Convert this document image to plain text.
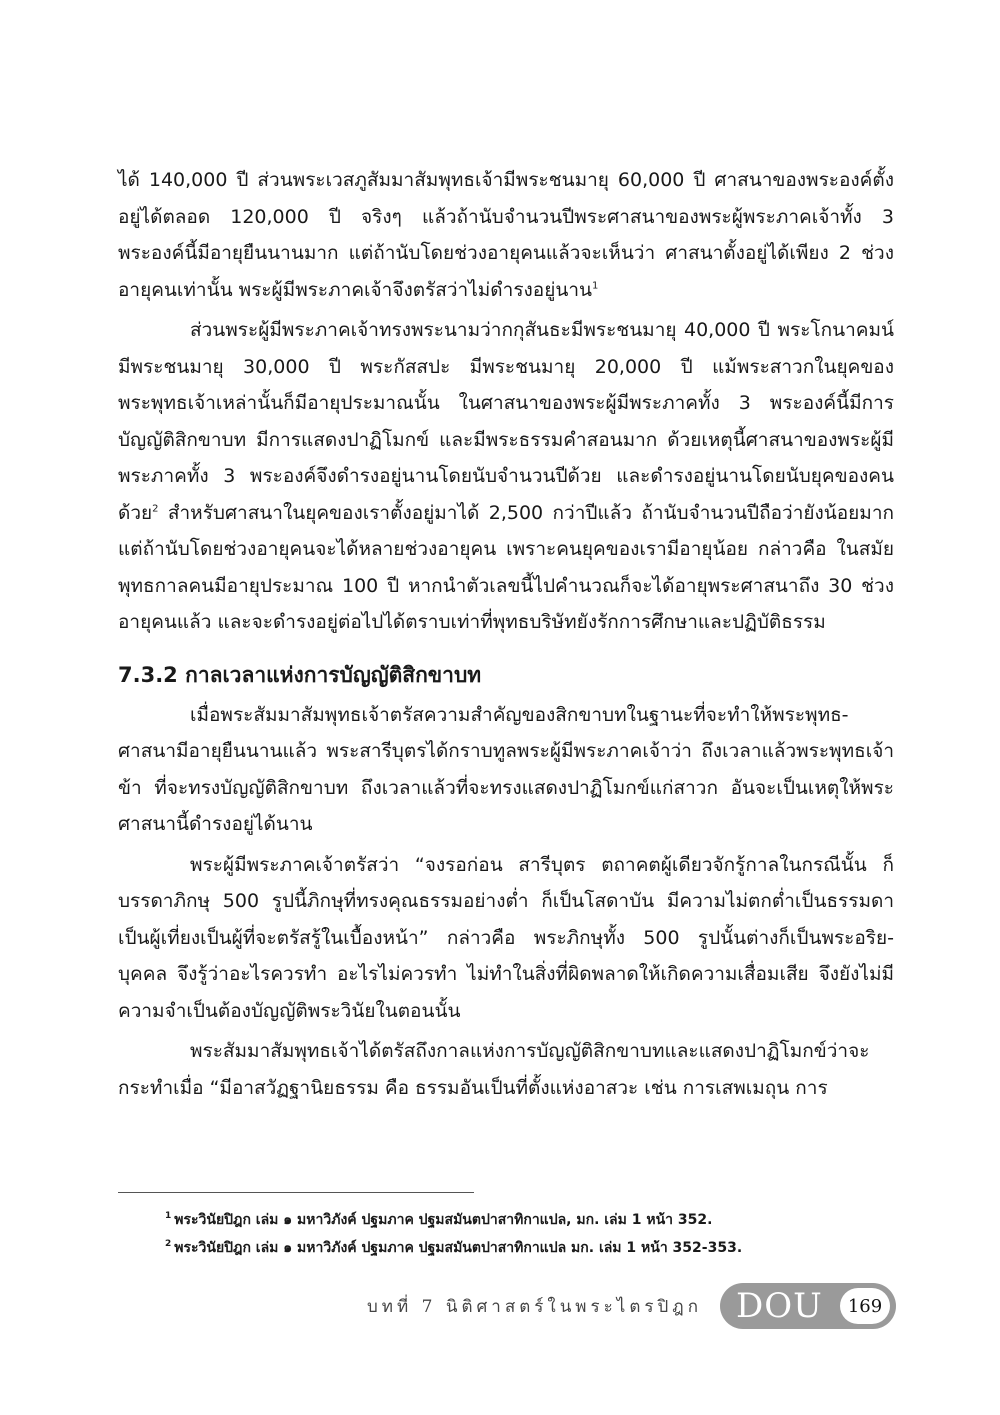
ได้ 140,000 ปี ส่วนพระเวสภูสัมมาสัมพุทธเจ้ามีพระชนมายุ 60,000 ปี ศาสนาของพระองค์ตั้งอยู่ได้ตลอด 120,000 ปี จริงๆ แล้วถ้านับจำนวนปีพระศาสนาของพระผู้พระภาคเจ้าทั้ง 3 พระองค์นี้มีอายุยืนนานมาก แต่ถ้านับโดยช่วงอายุคนแล้วจะเห็นว่า ศาสนาตั้งอยู่ได้เพียง 2 ช่วงอายุคนเท่านั้น พระผู้มีพระภาคเจ้าจึงตรัสว่าไม่ดำรงอยู่นาน$^1$

ส่วนพระผู้มีพระภาคเจ้าทรงพระนามว่ากกุสันธะมีพระชนมายุ 40,000 ปี พระโกนาคมน์ มีพระชนมายุ 30,000 ปี พระกัสสปะ มีพระชนมายุ 20,000 ปี แม้พระสาวกในยุคของพระพุทธเจ้าเหล่านั้นก็มีอายุประมาณนั้น ในศาสนาของพระผู้มีพระภาคทั้ง 3 พระองค์นี้มีการบัญญัติสิกขาบท มีการแสดงปาฏิโมกข์ และมีพระธรรมคำสอนมาก ด้วยเหตุนี้ศาสนาของพระผู้มีพระภาคทั้ง 3 พระองค์จึงดำรงอยู่นานโดยนับจำนวนปีด้วย และดำรงอยู่นานโดยนับยุคของคนด้วย$^2$ สำหรับศาสนาในยุคของเราตั้งอยู่มาได้ 2,500 กว่าปีแล้ว ถ้านับจำนวนปีถือว่ายังน้อยมาก แต่ถ้านับโดยช่วงอายุคนจะได้หลายช่วงอายุคน เพราะคนยุคของเรามีอายุน้อย กล่าวคือ ในสมัยพุทธกาลคนมีอายุประมาณ 100 ปี หากนำตัวเลขนี้ไปคำนวณก็จะได้อายุพระศาสนาถึง 30 ช่วงอายุคนแล้ว และจะดำรงอยู่ต่อไปได้ตราบเท่าที่พุทธบริษัทยังรักการศึกษาและปฏิบัติธรรม

7.3.2 กาลเวลาแห่งการบัญญัติสิกขาบท

เมื่อพระสัมมาสัมพุทธเจ้าตรัสความสำคัญของสิกขาบทในฐานะที่จะทำให้พระพุทธ-ศาสนามีอายุยืนนานแล้ว พระสารีบุตรได้กราบทูลพระผู้มีพระภาคเจ้าว่า ถึงเวลาแล้วพระพุทธเจ้าข้า ที่จะทรงบัญญัติสิกขาบท ถึงเวลาแล้วที่จะทรงแสดงปาฏิโมกข์แก่สาวก อันจะเป็นเหตุให้พระศาสนานี้ดำรงอยู่ได้นาน

พระผู้มีพระภาคเจ้าตรัสว่า “จงรอก่อน สารีบุตร ตถาคตผู้เดียวจักรู้กาลในกรณีนั้น ก็บรรดาภิกษุ 500 รูปนี้ภิกษุที่ทรงคุณธรรมอย่างต่ำ ก็เป็นโสดาบัน มีความไม่ตกต่ำเป็นธรรมดาเป็นผู้เที่ยงเป็นผู้ที่จะตรัสรู้ในเบื้องหน้า” กล่าวคือ พระภิกษุทั้ง 500 รูปนั้นต่างก็เป็นพระอริย-บุคคล จึงรู้ว่าอะไรควรทำ อะไรไม่ควรทำ ไม่ทำในสิ่งที่ผิดพลาดให้เกิดความเสื่อมเสีย จึงยังไม่มีความจำเป็นต้องบัญญัติพระวินัยในตอนนั้น

พระสัมมาสัมพุทธเจ้าได้ตรัสถึงกาลแห่งการบัญญัติสิกขาบทและแสดงปาฏิโมกข์ว่าจะกระทำเมื่อ “มีอาสวัฏฐานิยธรรม คือ ธรรมอันเป็นที่ตั้งแห่งอาสวะ เช่น การเสพเมถุน การ

$^1$ พระวินัยปิฎก เล่ม ๑ มหาวิภังค์ ปฐมภาค ปฐมสมันตปาสาทิกาแปล, มก. เล่ม 1 หน้า 352.

$^2$ พระวินัยปิฎก เล่ม ๑ มหาวิภังค์ ปฐมภาค ปฐมสมันตปาสาทิกาแปล มก. เล่ม 1 หน้า 352-353.

บทที่ 7 นิติศาสตร์ในพระไตรปิฎก DOU	169
